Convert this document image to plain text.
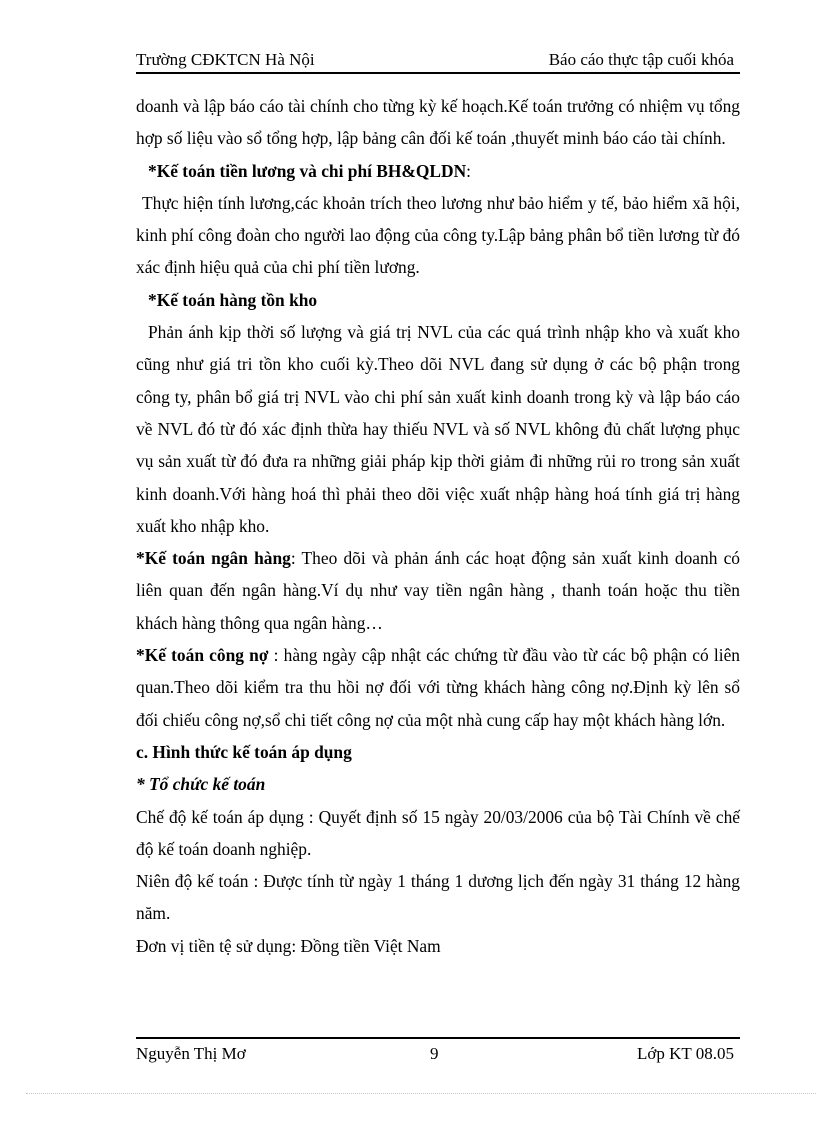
Trường CĐKTCN Hà Nội	Báo cáo thực tập cuối khóa

doanh và lập báo cáo tài chính cho từng kỳ kế hoạch.Kế toán trưởng có nhiệm vụ tổng hợp số liệu vào sổ tổng hợp, lập bảng cân đối kế toán ,thuyết minh báo cáo tài chính.

*Kế toán tiền lương và chi phí BH&QLDN:

Thực hiện tính lương,các khoản trích theo lương như bảo hiểm y tế, bảo hiểm xã hội, kinh phí công đoàn cho người lao động của công ty.Lập bảng phân bổ tiền lương từ đó xác định hiệu quả của chi phí tiền lương.

*Kế toán hàng tồn kho

Phản ánh kịp thời số lượng và giá trị NVL của các quá trình nhập kho và xuất kho cũng như giá tri tồn kho cuối kỳ.Theo dõi NVL đang sử dụng ở các bộ phận trong công ty, phân bổ giá trị NVL vào chi phí sản xuất kinh doanh trong kỳ và lập báo cáo về NVL đó từ đó xác định thừa hay thiếu NVL và số NVL không đủ chất lượng phục vụ sản xuất từ đó đưa ra những giải pháp kịp thời giảm đi những rủi ro trong sản xuất kinh doanh.Với hàng hoá thì phải theo dõi việc xuất nhập hàng hoá tính giá trị hàng xuất kho nhập kho.

*Kế toán ngân hàng: Theo dõi và phản ánh các hoạt động sản xuất kinh doanh có liên quan đến ngân hàng.Ví dụ như vay tiền ngân hàng , thanh toán hoặc thu tiền khách hàng thông qua ngân hàng…

*Kế toán công nợ : hàng ngày cập nhật các chứng từ đầu vào từ các bộ phận có liên quan.Theo dõi kiểm tra thu hồi nợ đối với từng khách hàng công nợ.Định kỳ lên sổ đối chiếu công nợ,sổ chi tiết công nợ của một nhà cung cấp hay một khách hàng lớn.

c. Hình thức kế toán áp dụng

* Tổ chức kế toán

Chế độ kế toán áp dụng : Quyết định số 15 ngày 20/03/2006 của bộ Tài Chính về chế độ kế toán doanh nghiệp.

Niên độ kế toán : Được tính từ ngày 1 tháng 1 dương lịch đến ngày 31 tháng 12 hàng năm.

Đơn vị tiền tệ sử dụng: Đồng tiền Việt Nam

Nguyễn Thị Mơ	9	Lớp KT 08.05
